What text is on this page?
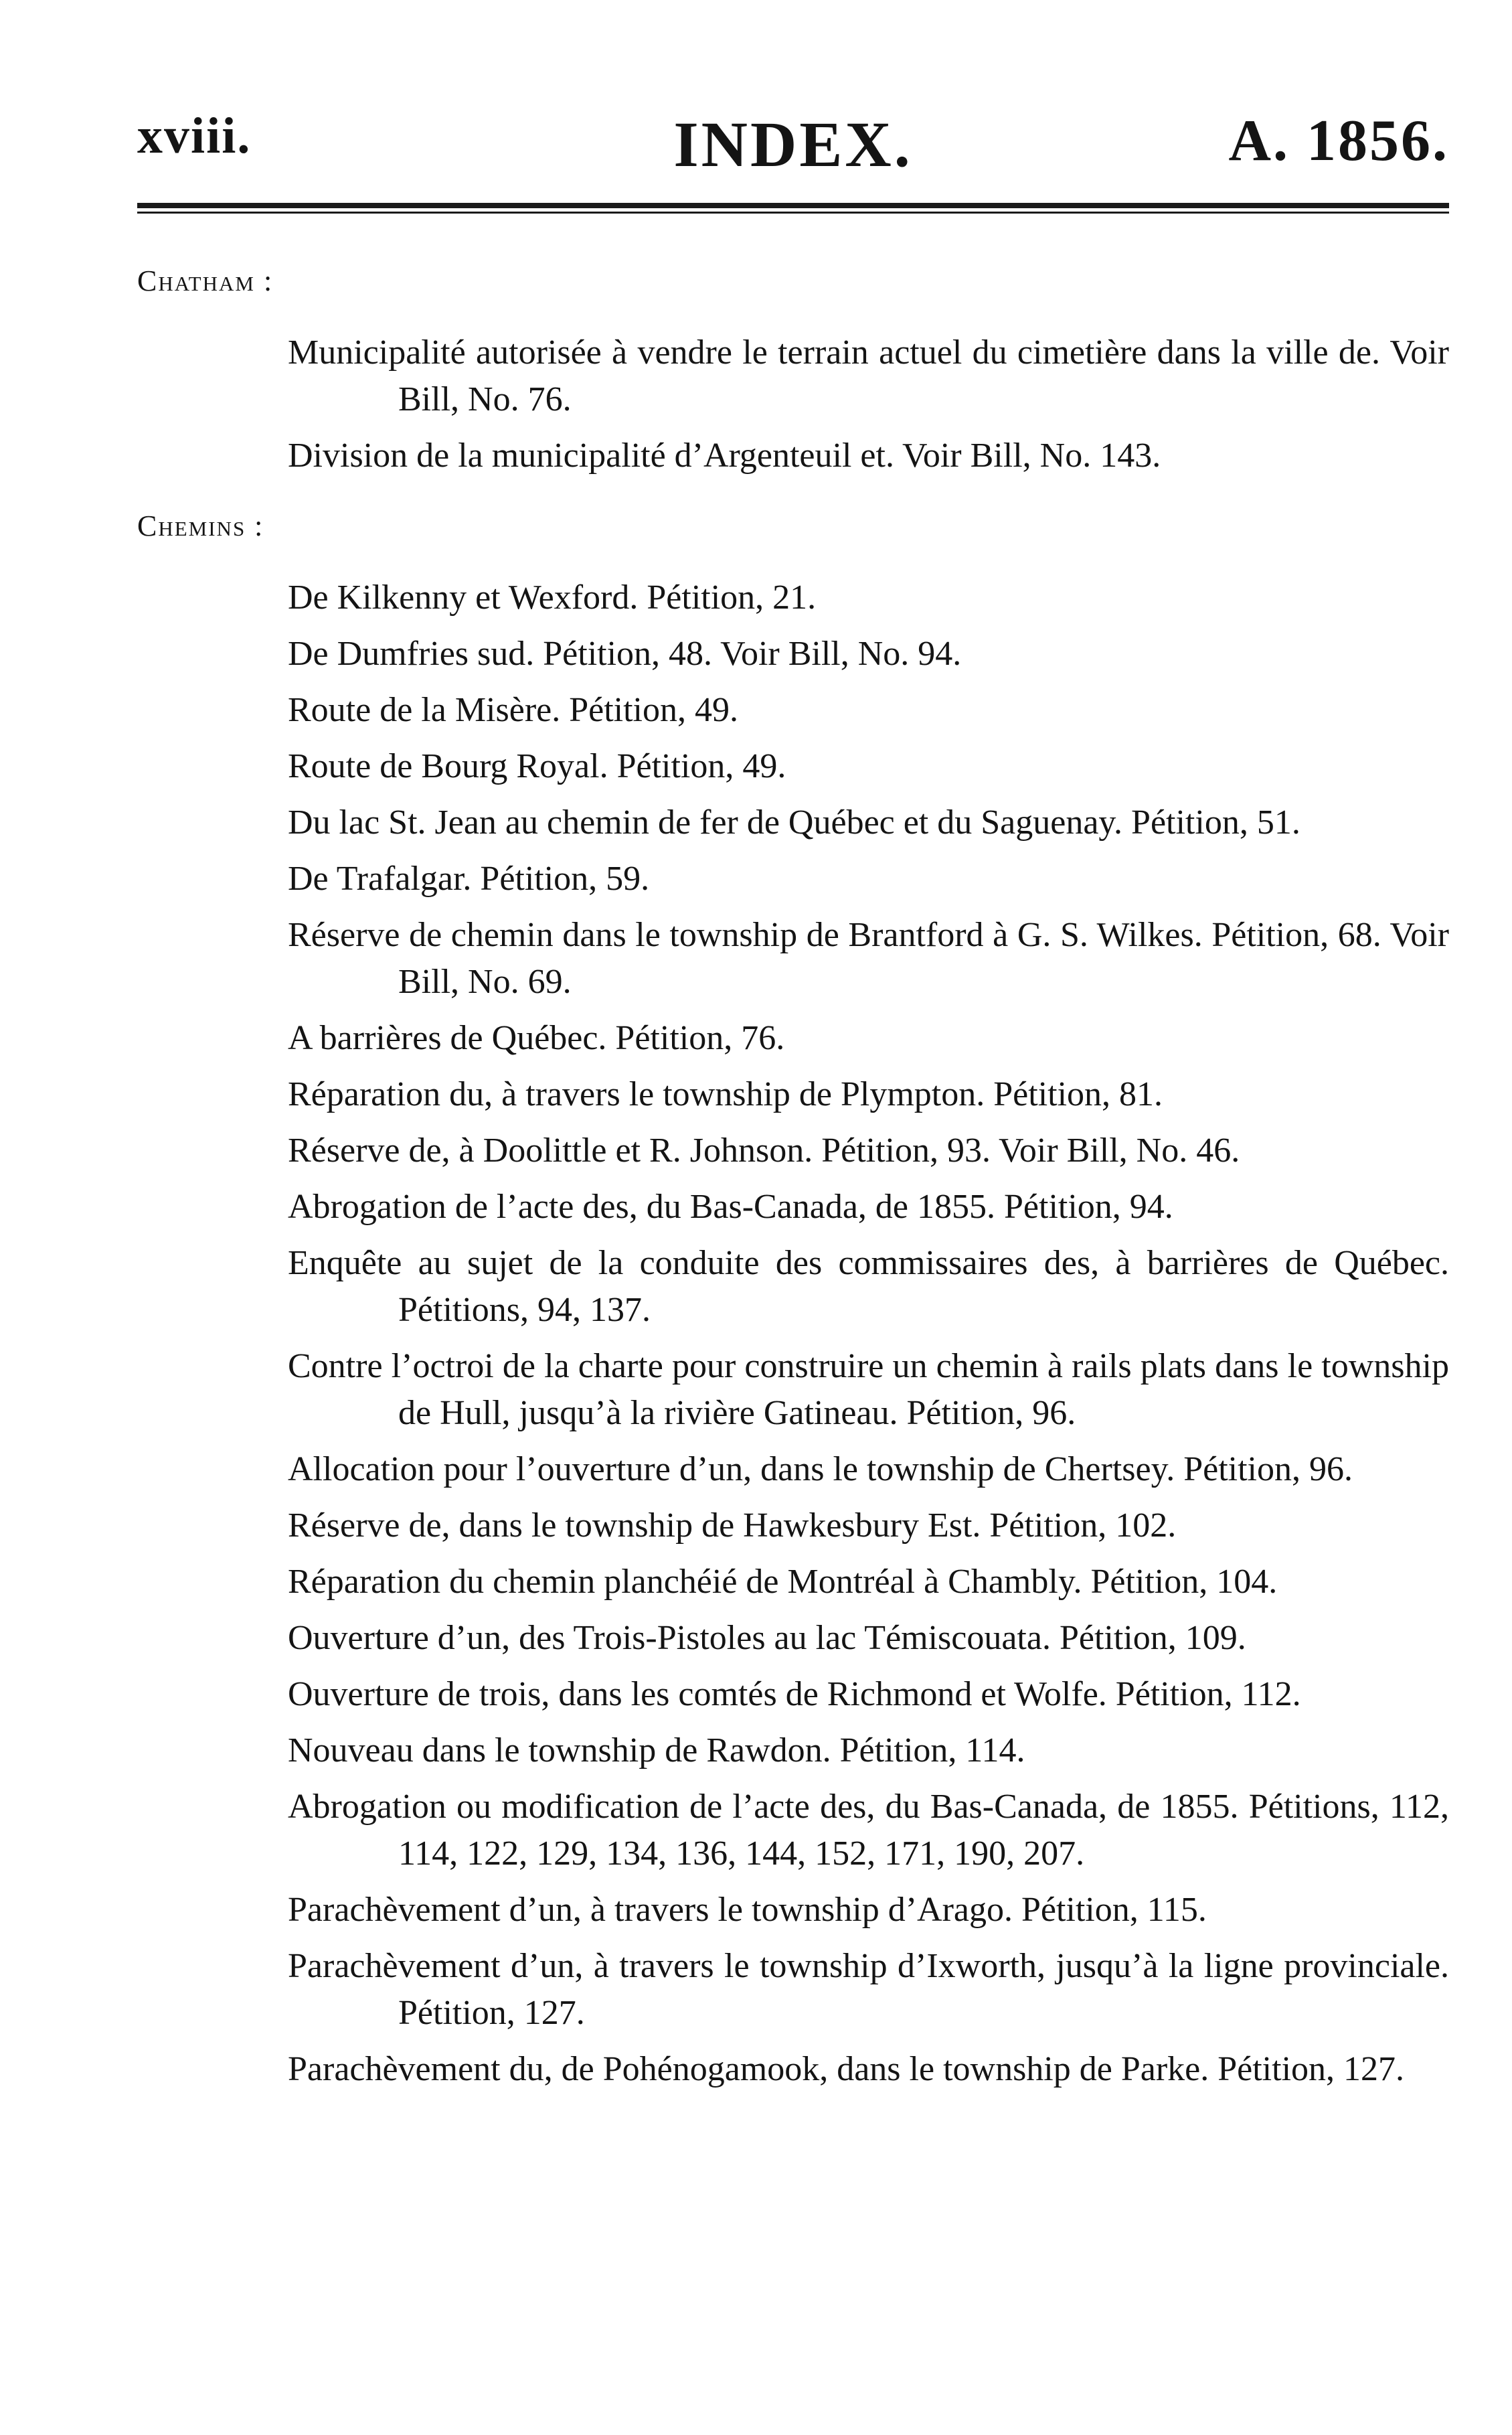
xviii.	INDEX.	A. 1856.
Chatham :
Municipalité autorisée à vendre le terrain actuel du cimetière dans la ville de. Voir Bill, No. 76.
Division de la municipalité d’Argenteuil et. Voir Bill, No. 143.
Chemins :
De Kilkenny et Wexford. Pétition, 21.
De Dumfries sud. Pétition, 48. Voir Bill, No. 94.
Route de la Misère. Pétition, 49.
Route de Bourg Royal. Pétition, 49.
Du lac St. Jean au chemin de fer de Québec et du Saguenay. Pétition, 51.
De Trafalgar. Pétition, 59.
Réserve de chemin dans le township de Brantford à G. S. Wilkes. Pétition, 68. Voir Bill, No. 69.
A barrières de Québec. Pétition, 76.
Réparation du, à travers le township de Plympton. Pétition, 81.
Réserve de, à Doolittle et R. Johnson. Pétition, 93. Voir Bill, No. 46.
Abrogation de l’acte des, du Bas-Canada, de 1855. Pétition, 94.
Enquête au sujet de la conduite des commissaires des, à barrières de Québec. Pétitions, 94, 137.
Contre l’octroi de la charte pour construire un chemin à rails plats dans le township de Hull, jusqu’à la rivière Gatineau. Pétition, 96.
Allocation pour l’ouverture d’un, dans le township de Chertsey. Pétition, 96.
Réserve de, dans le township de Hawkesbury Est. Pétition, 102.
Réparation du chemin planchéié de Montréal à Chambly. Pétition, 104.
Ouverture d’un, des Trois-Pistoles au lac Témiscouata. Pétition, 109.
Ouverture de trois, dans les comtés de Richmond et Wolfe. Pétition, 112.
Nouveau dans le township de Rawdon. Pétition, 114.
Abrogation ou modification de l’acte des, du Bas-Canada, de 1855. Pétitions, 112, 114, 122, 129, 134, 136, 144, 152, 171, 190, 207.
Parachèvement d’un, à travers le township d’Arago. Pétition, 115.
Parachèvement d’un, à travers le township d’Ixworth, jusqu’à la ligne provinciale. Pétition, 127.
Parachèvement du, de Pohénogamook, dans le township de Parke. Pétition, 127.
